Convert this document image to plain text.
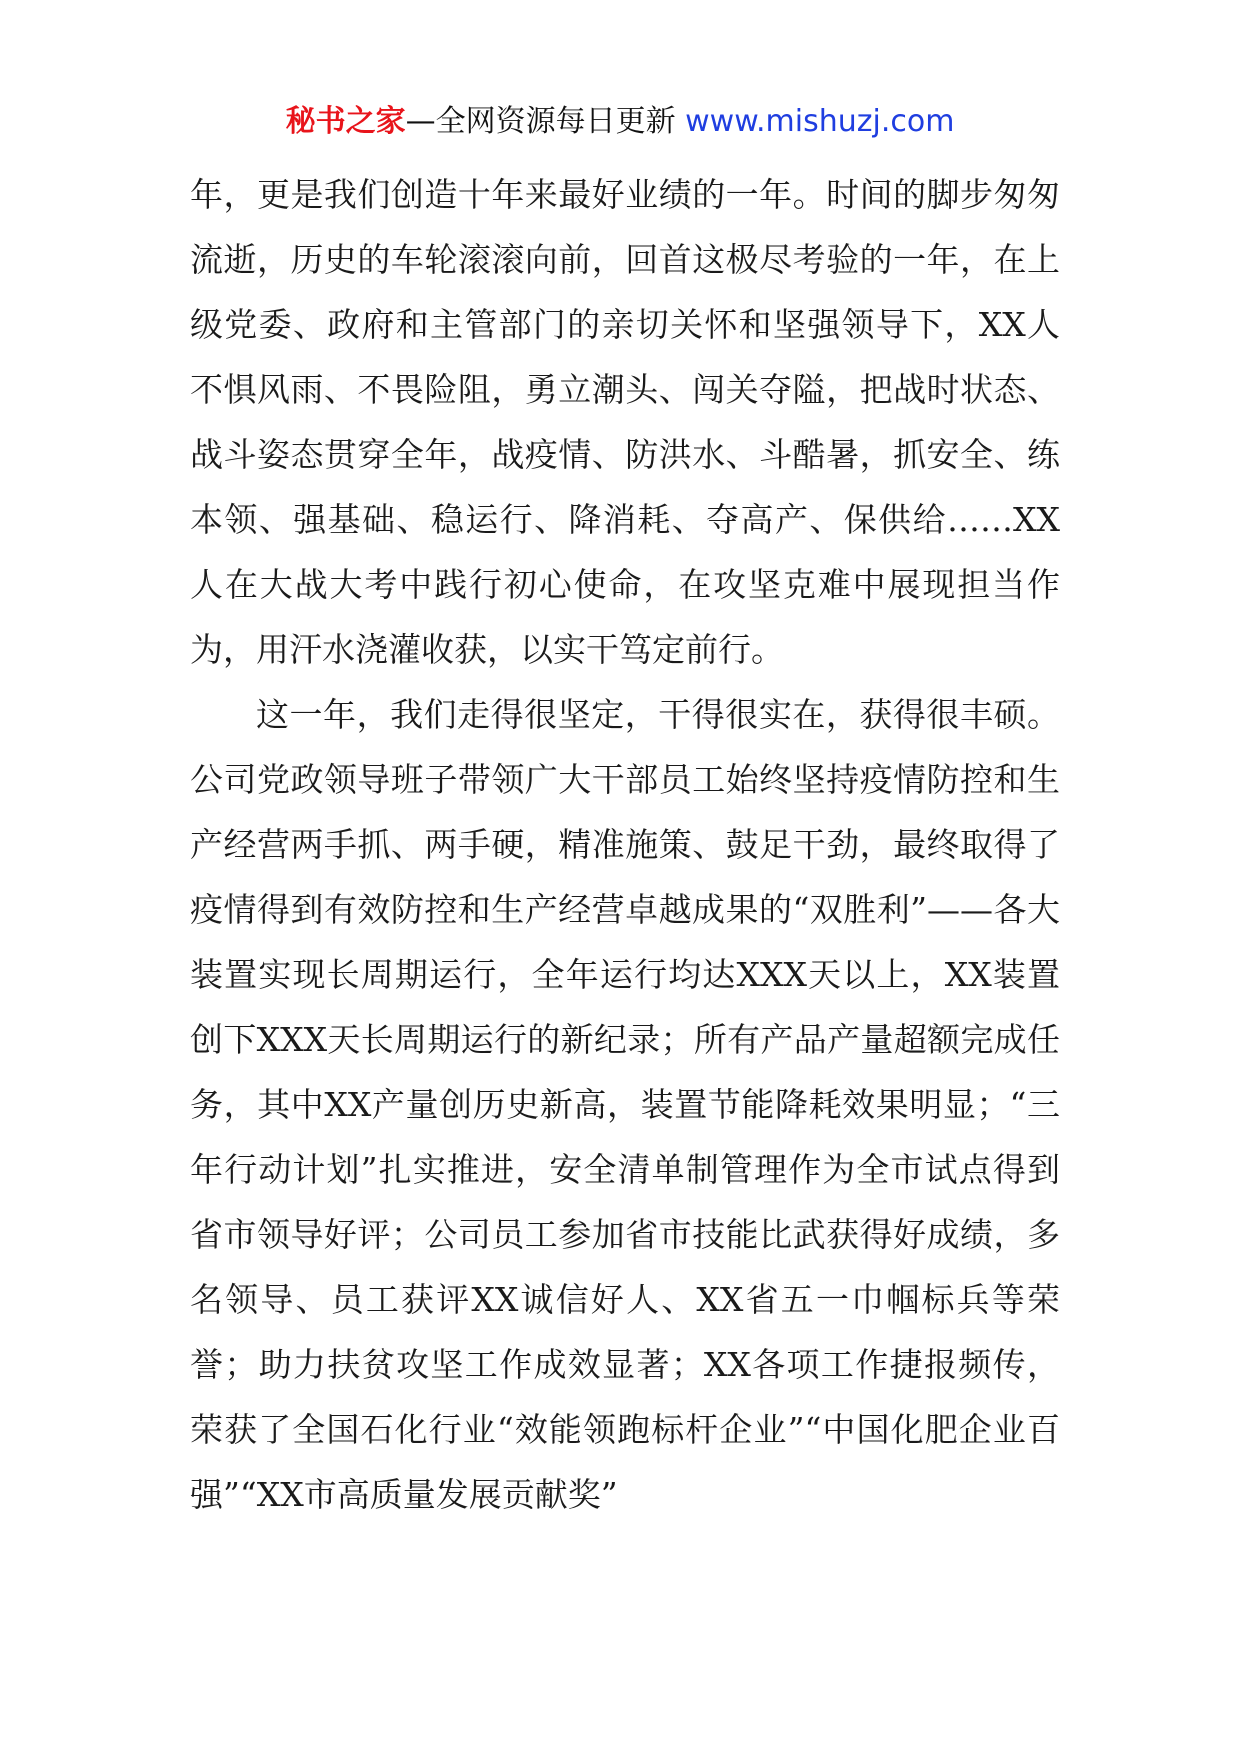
秘书之家—全网资源每日更新 www.mishuzj.com

年，更是我们创造十年来最好业绩的一年。时间的脚步匆匆流逝，历史的车轮滚滚向前，回首这极尽考验的一年，在上级党委、政府和主管部门的亲切关怀和坚强领导下，XX人不惧风雨、不畏险阻，勇立潮头、闯关夺隘，把战时状态、战斗姿态贯穿全年，战疫情、防洪水、斗酷暑，抓安全、练本领、强基础、稳运行、降消耗、夺高产、保供给……XX人在大战大考中践行初心使命，在攻坚克难中展现担当作为，用汗水浇灌收获，以实干笃定前行。

这一年，我们走得很坚定，干得很实在，获得很丰硕。公司党政领导班子带领广大干部员工始终坚持疫情防控和生产经营两手抓、两手硬，精准施策、鼓足干劲，最终取得了疫情得到有效防控和生产经营卓越成果的“双胜利”——各大装置实现长周期运行，全年运行均达XXX天以上，XX装置创下XXX天长周期运行的新纪录；所有产品产量超额完成任务，其中XX产量创历史新高，装置节能降耗效果明显；“三年行动计划”扎实推进，安全清单制管理作为全市试点得到省市领导好评；公司员工参加省市技能比武获得好成绩，多名领导、员工获评XX诚信好人、XX省五一巾帼标兵等荣誉；助力扶贫攻坚工作成效显著；XX各项工作捷报频传，荣获了全国石化行业“效能领跑标杆企业”“中国化肥企业百强”“XX市高质量发展贡献奖”
